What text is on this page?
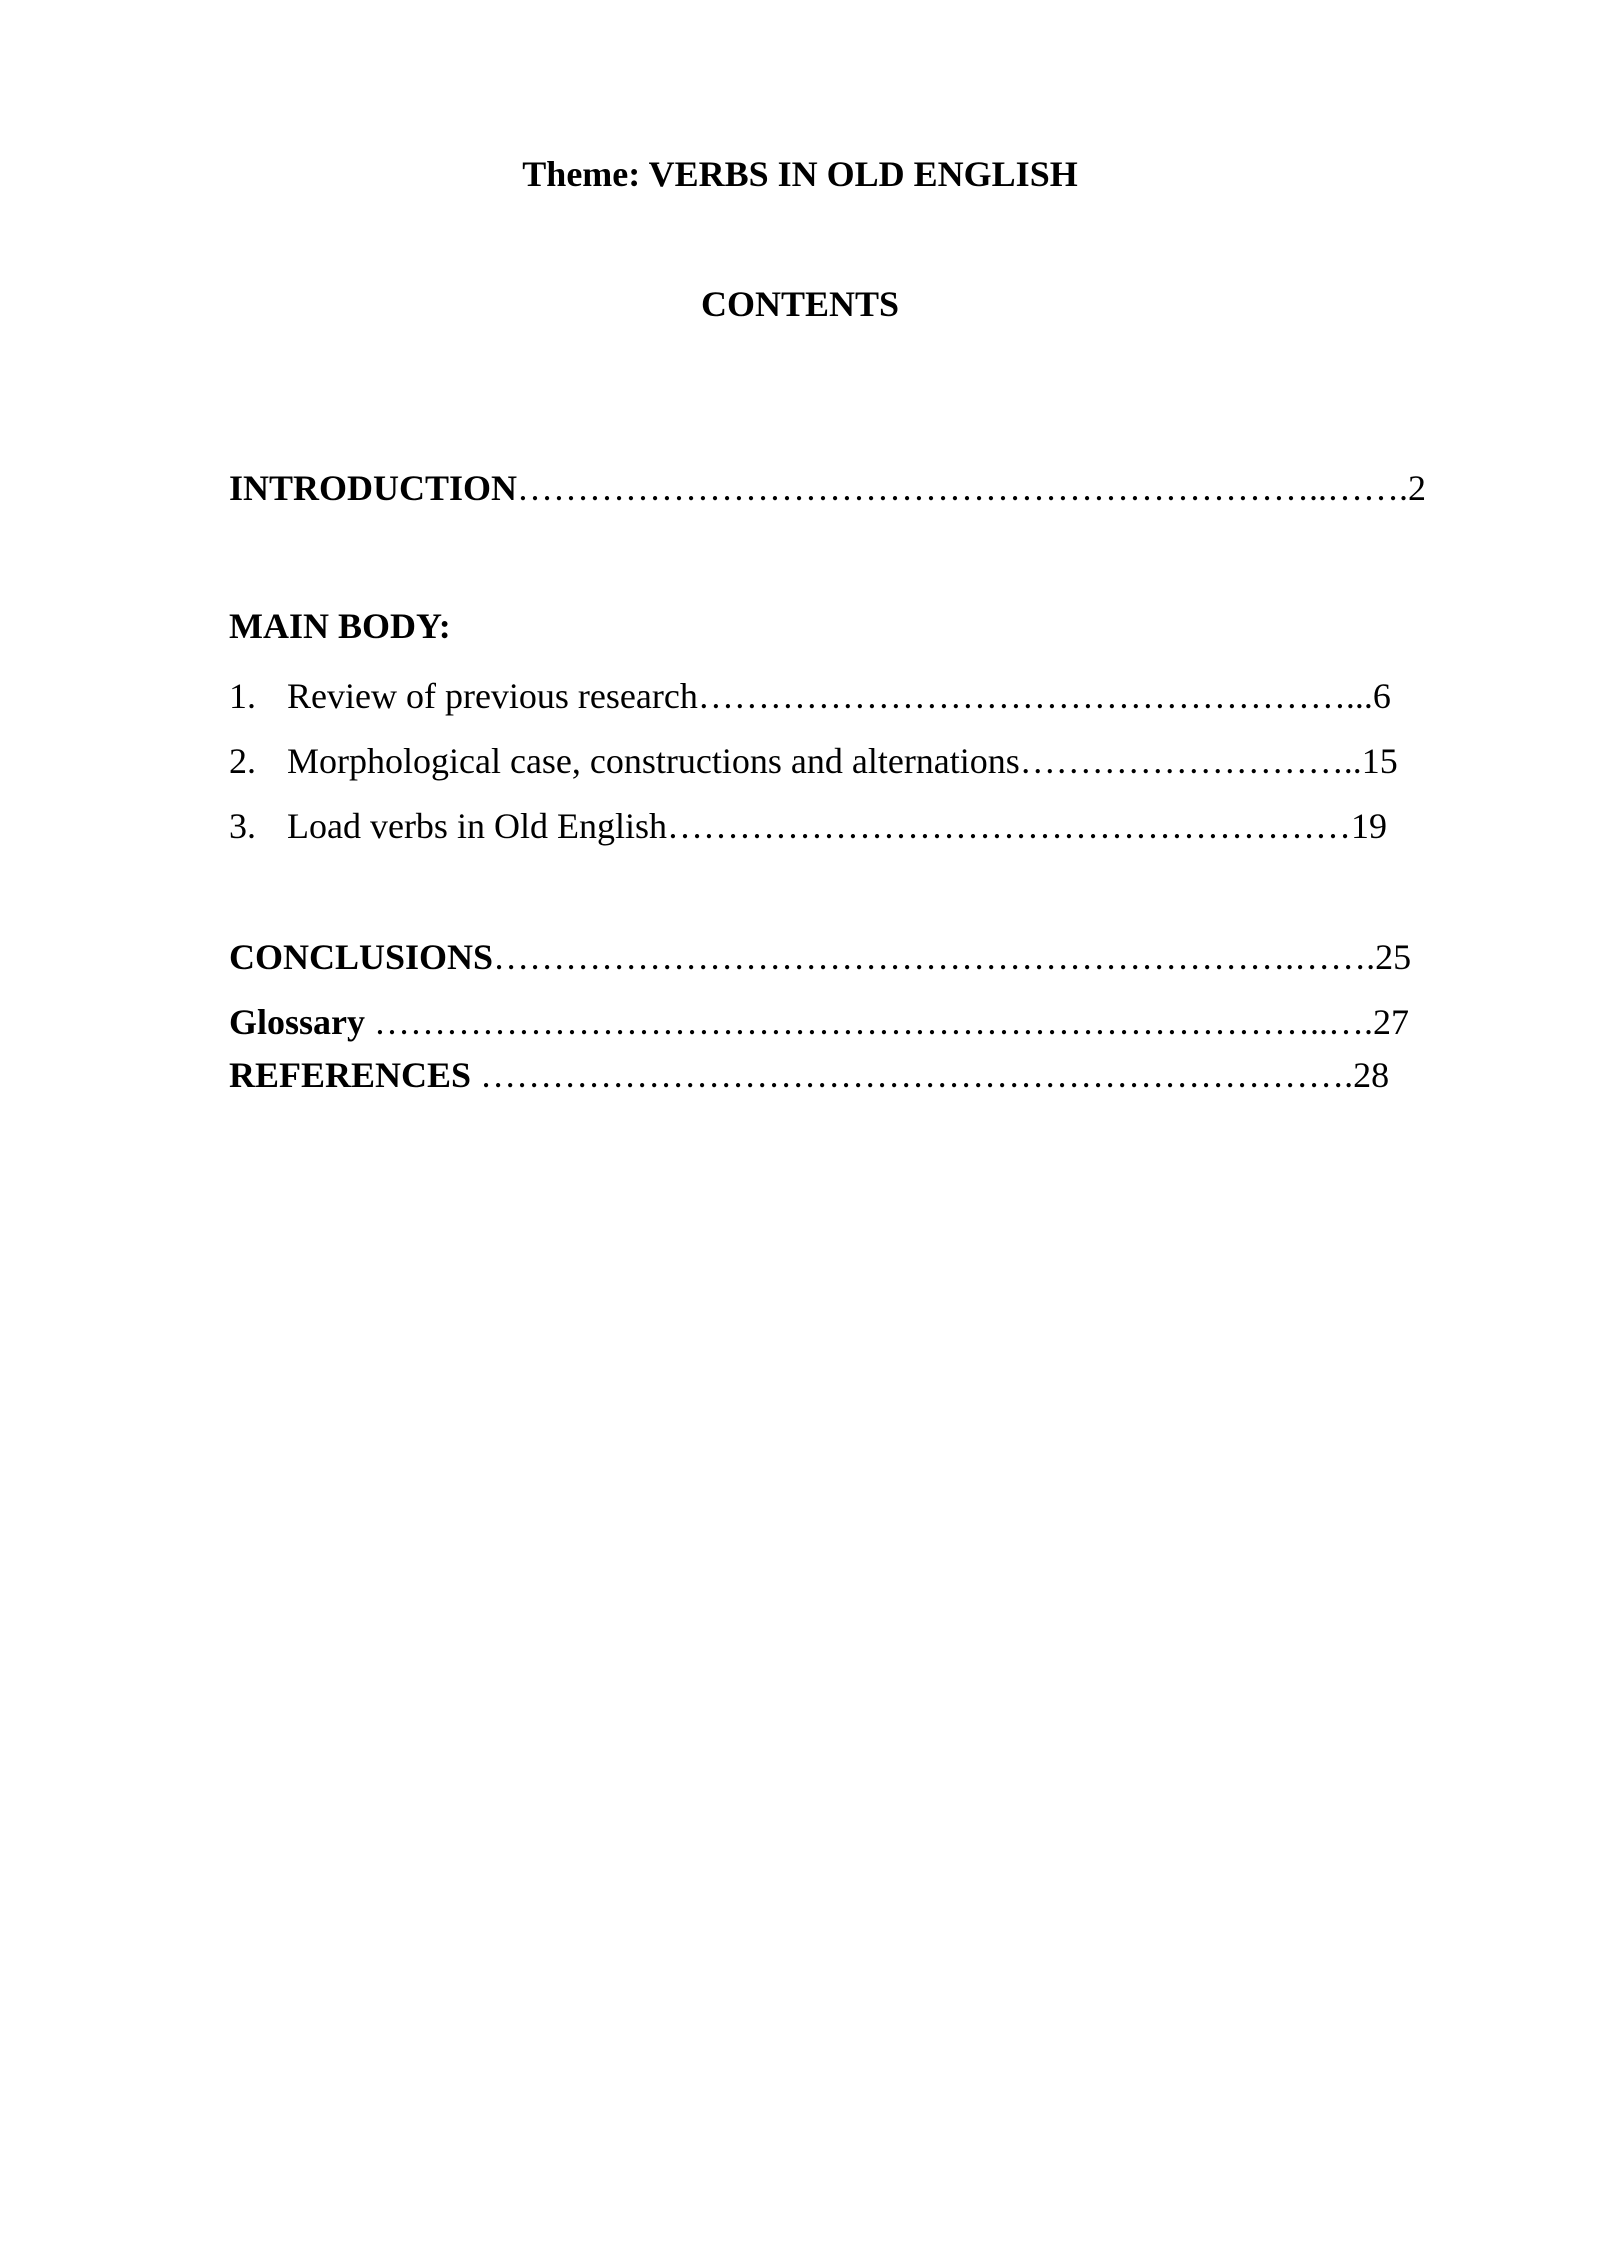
Theme: VERBS IN OLD ENGLISH
CONTENTS
INTRODUCTION…………………………………………………………..…….2
MAIN BODY:
1. Review of previous research………………………………………………...6
2. Morphological case, constructions and alternations………………………..15
3. Load verbs in Old English…………………………………………………19
CONCLUSIONS………………………………………………………….…….25
Glossary ……………………………………………………………………..….27
REFERENCES ……………………………………………………………….28
